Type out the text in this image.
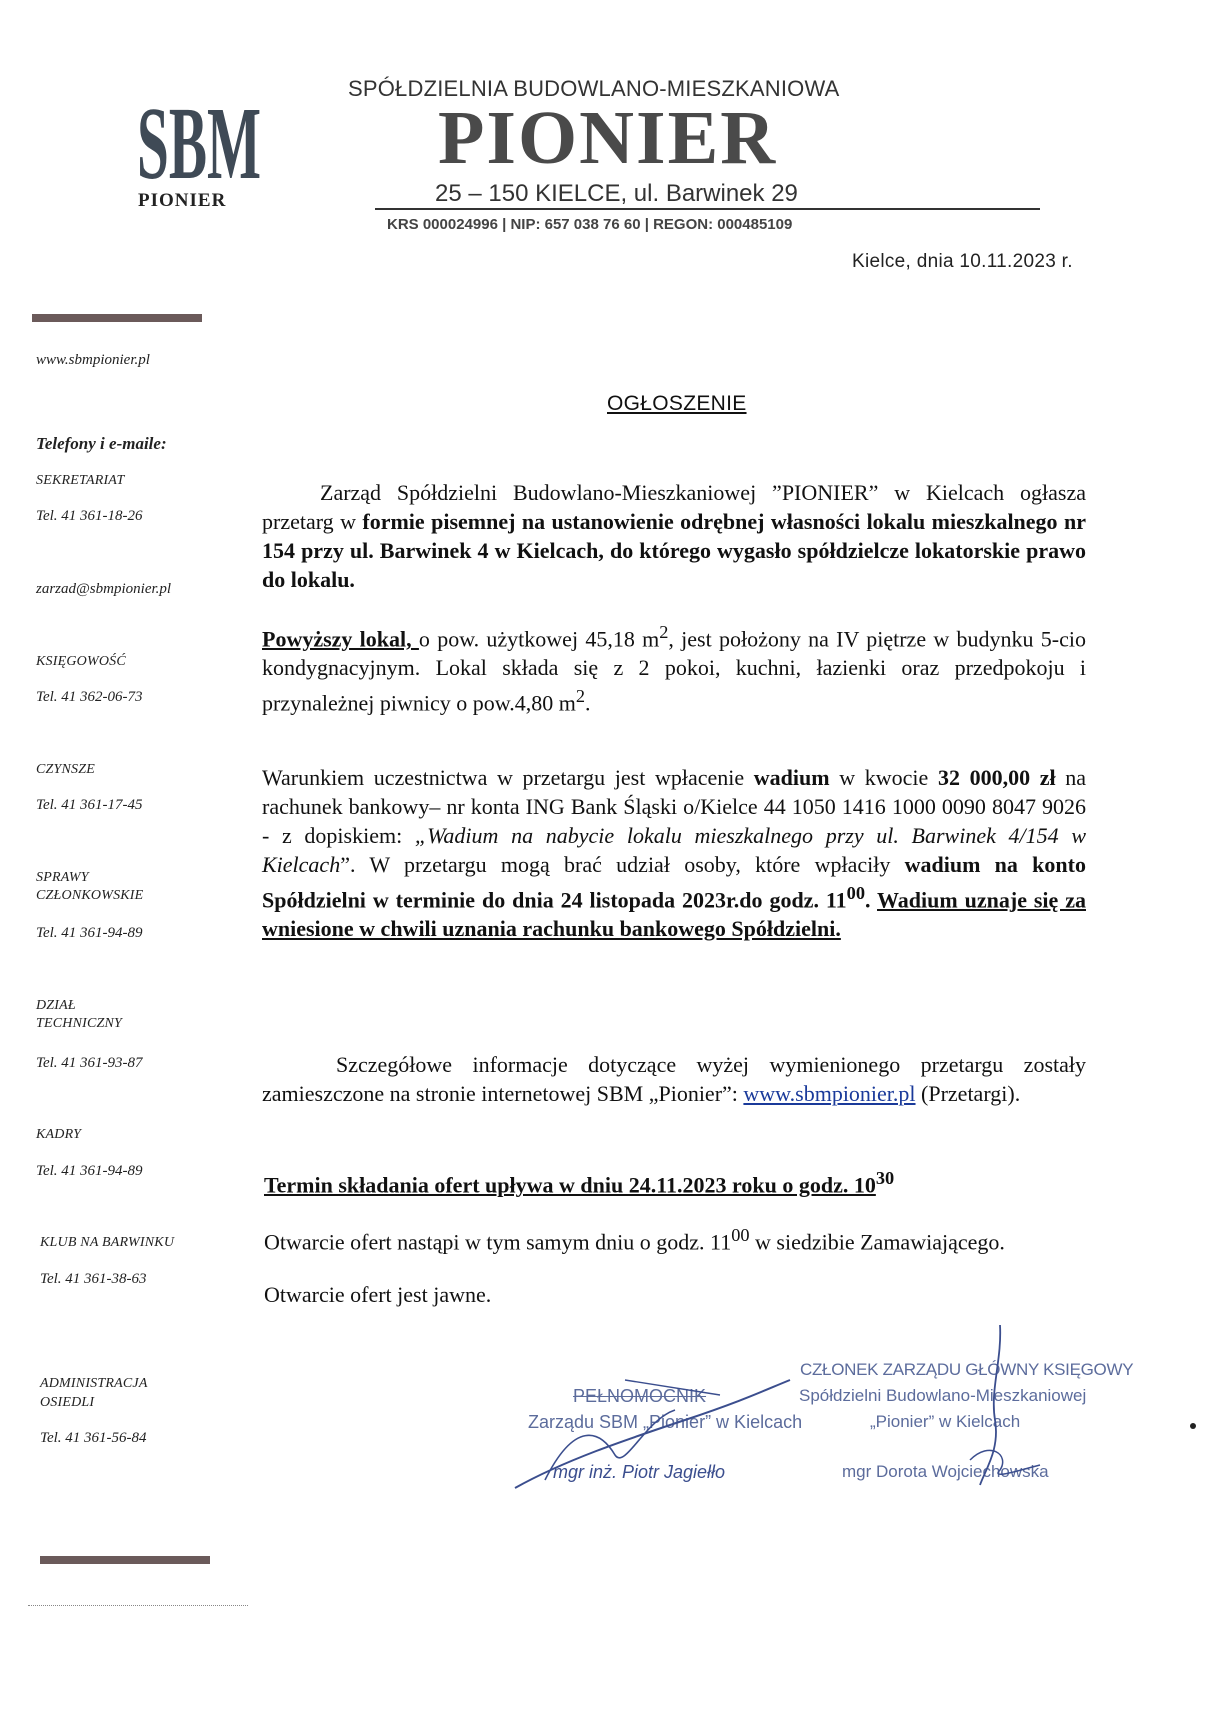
SBM
PIONIER
SPÓŁDZIELNIA BUDOWLANO-MIESZKANIOWA
PIONIER
25 – 150 KIELCE, ul. Barwinek 29
KRS 000024996 | NIP: 657 038 76 60 | REGON: 000485109
Kielce, dnia 10.11.2023 r.
www.sbmpionier.pl
Telefony i e-maile:
SEKRETARIAT
Tel. 41 361-18-26
zarzad@sbmpionier.pl
KSIĘGOWOŚĆ
Tel. 41 362-06-73
CZYNSZE
Tel. 41 361-17-45
SPRAWY
CZŁONKOWSKIE
Tel. 41 361-94-89
DZIAŁ
TECHNICZNY
Tel. 41 361-93-87
KADRY
Tel. 41 361-94-89
KLUB NA BARWINKU
Tel. 41 361-38-63
ADMINISTRACJA
OSIEDLI
Tel. 41 361-56-84
OGŁOSZENIE
Zarząd Spółdzielni Budowlano-Mieszkaniowej ”PIONIER” w Kielcach ogłasza przetarg w formie pisemnej na ustanowienie odrębnej własności lokalu mieszkalnego nr 154 przy ul. Barwinek 4 w Kielcach, do którego wygasło spółdzielcze lokatorskie prawo do lokalu.
Powyższy lokal, o pow. użytkowej 45,18 $m^2$, jest położony na IV piętrze w budynku 5-cio kondygnacyjnym. Lokal składa się z 2 pokoi, kuchni, łazienki oraz przedpokoju i przynależnej piwnicy o pow.4,80 $m^2$.
Warunkiem uczestnictwa w przetargu jest wpłacenie wadium w kwocie 32 000,00 zł na rachunek bankowy– nr konta ING Bank Śląski o/Kielce 44 1050 1416 1000 0090 8047 9026 - z dopiskiem: „Wadium na nabycie lokalu mieszkalnego przy ul. Barwinek 4/154 w Kielcach”. W przetargu mogą brać udział osoby, które wpłaciły wadium na konto Spółdzielni w terminie do dnia 24 listopada 2023r.do godz. $11^{00}$. Wadium uznaje się za wniesione w chwili uznania rachunku bankowego Spółdzielni.
Szczegółowe informacje dotyczące wyżej wymienionego przetargu zostały zamieszczone na stronie internetowej SBM „Pionier”: www.sbmpionier.pl (Przetargi).
Termin składania ofert upływa w dniu 24.11.2023 roku o godz. $10^{30}$
Otwarcie ofert nastąpi w tym samym dniu o godz. $11^{00}$ w siedzibie Zamawiającego.
Otwarcie ofert jest jawne.
PEŁNOMOCNIK
Zarządu SBM „Pionier” w Kielcach
mgr inż. Piotr Jagiełło
CZŁONEK ZARZĄDU GŁÓWNY KSIĘGOWY
Spółdzielni Budowlano-Mieszkaniowej
„Pionier” w Kielcach
mgr Dorota Wojciechowska
